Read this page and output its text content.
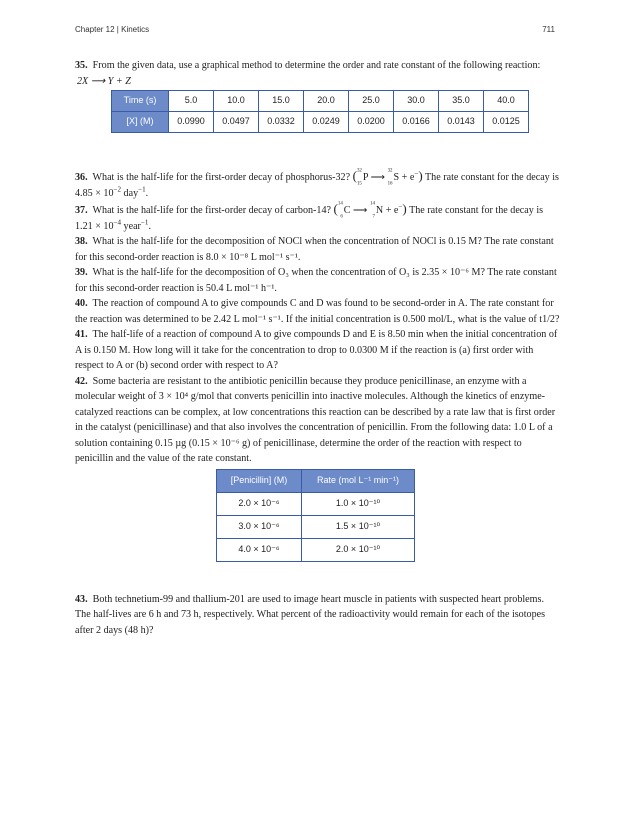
Chapter 12 | Kinetics	711

35. From the given data, use a graphical method to determine the order and rate constant of the following reaction:

2X ⟶ Y + Z
Time (s)	5.0	10.0	15.0	20.0	25.0	30.0	35.0	40.0
[X] (M)	0.0990	0.0497	0.0332	0.0249	0.0200	0.0166	0.0143	0.0125

36. What is the half-life for the first-order decay of phosphorus-32? ($^{32}$
$_{15}$P ⟶ $^{32}$
$_{16}$S + e−) The rate constant for the decay is $4.85 \times 10^{-2}$ day$^{-1}$.

37. What is the half-life for the first-order decay of carbon-14? ($^{14}$
$_6$C ⟶ $^{14}$
$_7$N + e−) The rate constant for the decay is $1.21 \times 10^{-4}$ year$^{-1}$.

38. What is the half-life for the decomposition of NOCl when the concentration of NOCl is 0.15 M? The rate constant for this second-order reaction is 8.0 × 10⁻⁸ L mol⁻¹ s⁻¹.

39. What is the half-life for the decomposition of O₃ when the concentration of O₃ is 2.35 × 10⁻⁶ M? The rate constant for this second-order reaction is 50.4 L mol⁻¹ h⁻¹.

40. The reaction of compound A to give compounds C and D was found to be second-order in A. The rate constant for the reaction was determined to be 2.42 L mol⁻¹ s⁻¹. If the initial concentration is 0.500 mol/L, what is the value of t1/2?

41. The half-life of a reaction of compound A to give compounds D and E is 8.50 min when the initial concentration of A is 0.150 M. How long will it take for the concentration to drop to 0.0300 M if the reaction is (a) first order with respect to A or (b) second order with respect to A?

42. Some bacteria are resistant to the antibiotic penicillin because they produce penicillinase, an enzyme with a molecular weight of 3 × 10⁴ g/mol that converts penicillin into inactive molecules. Although the kinetics of enzyme-catalyzed reactions can be complex, at low concentrations this reaction can be described by a rate law that is first order in the catalyst (penicillinase) and that also involves the concentration of penicillin. From the following data: 1.0 L of a solution containing 0.15 µg (0.15 × 10⁻⁶ g) of penicillinase, determine the order of the reaction with respect to penicillin and the value of the rate constant.

[Penicillin] (M)	Rate (mol L⁻¹ min⁻¹)
2.0 × 10⁻⁶	1.0 × 10⁻¹⁰
3.0 × 10⁻⁶	1.5 × 10⁻¹⁰
4.0 × 10⁻⁶	2.0 × 10⁻¹⁰

43. Both technetium-99 and thallium-201 are used to image heart muscle in patients with suspected heart problems. The half-lives are 6 h and 73 h, respectively. What percent of the radioactivity would remain for each of the isotopes after 2 days (48 h)?
